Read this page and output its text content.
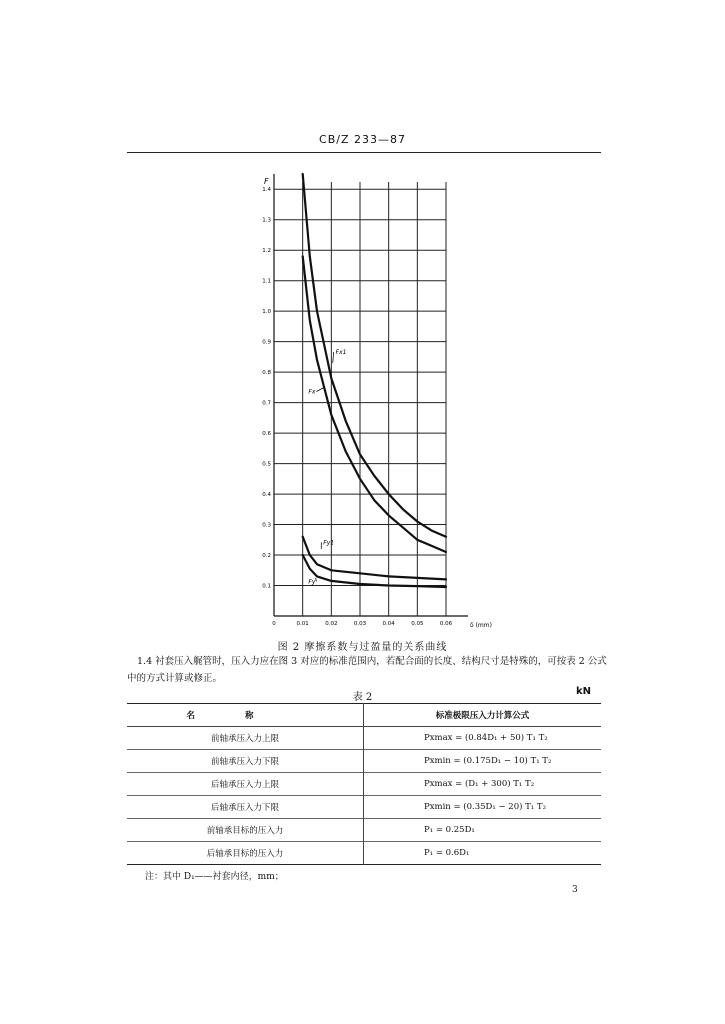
CB/Z 233—87
0	0.01	0.02	0.03	0.04	0.05	0.06
0.1
0.2
0.3
0.4
0.5
0.6
0.7
0.8
0.9
1.0
1.1
1.2
1.3
1.4
Fx1
Fx
Fy1
Fy
F
δ (mm)
图 2 摩擦系数与过盈量的关系曲线
1.4 衬套压入艉管时，压入力应在图 3 对应的标准范围内，若配合面的长度、结构尺寸是特殊的，可按表 2 公式中的方式计算或修正。
表 2
kN
名称	标准极限压入力计算公式
前轴承压入力上限	Pxmax = (0.84D₁ + 50) T₁ T₂
前轴承压入力下限	Pxmin = (0.175D₁ − 10) T₁ T₂
后轴承压入力上限	Pxmax = (D₁ + 300) T₁ T₂
后轴承压入力下限	Pxmin = (0.35D₁ − 20) T₁ T₂
前轴承目标的压入力	P₁ = 0.25D₁
后轴承目标的压入力	P₁ = 0.6D₁
注：其中 D₁——衬套内径，mm；
3
